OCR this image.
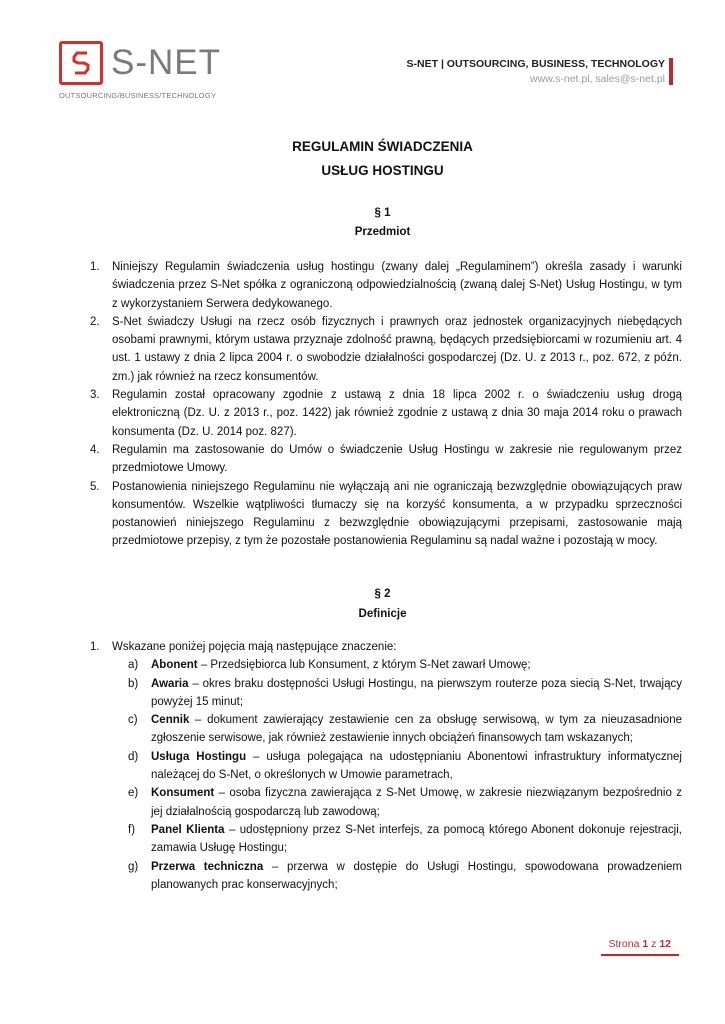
S-NET
OUTSOURCING/BUSINESS/TECHNOLOGY
S-NET | OUTSOURCING, BUSINESS, TECHNOLOGY
www.s-net.pl, sales@s-net.pl
REGULAMIN ŚWIADCZENIA
USŁUG HOSTINGU
§ 1
Przedmiot
1. Niniejszy Regulamin świadczenia usług hostingu (zwany dalej „Regulaminem”) określa zasady i warunki świadczenia przez S-Net spółka z ograniczoną odpowiedzialnością (zwaną dalej S-Net) Usług Hostingu, w tym z wykorzystaniem Serwera dedykowanego.
2. S-Net świadczy Usługi na rzecz osób fizycznych i prawnych oraz jednostek organizacyjnych niebędących osobami prawnymi, którym ustawa przyznaje zdolność prawną, będących przedsiębiorcami w rozumieniu art. 4 ust. 1 ustawy z dnia 2 lipca 2004 r. o swobodzie działalności gospodarczej (Dz. U. z 2013 r., poz. 672, z późn. zm.) jak również na rzecz konsumentów.
3. Regulamin został opracowany zgodnie z ustawą z dnia 18 lipca 2002 r. o świadczeniu usług drogą elektroniczną (Dz. U. z 2013 r., poz. 1422) jak również zgodnie z ustawą z dnia 30 maja 2014 roku o prawach konsumenta (Dz. U. 2014 poz. 827).
4. Regulamin ma zastosowanie do Umów o świadczenie Usług Hostingu w zakresie nie regulowanym przez przedmiotowe Umowy.
5. Postanowienia niniejszego Regulaminu nie wyłączają ani nie ograniczają bezwzględnie obowiązujących praw konsumentów. Wszelkie wątpliwości tłumaczy się na korzyść konsumenta, a w przypadku sprzeczności postanowień niniejszego Regulaminu z bezwzględnie obowiązującymi przepisami, zastosowanie mają przedmiotowe przepisy, z tym że pozostałe postanowienia Regulaminu są nadal ważne i pozostają w mocy.
§ 2
Definicje
1. Wskazane poniżej pojęcia mają następujące znaczenie:
a) Abonent – Przedsiębiorca lub Konsument, z którym S-Net zawarł Umowę;
b) Awaria – okres braku dostępności Usługi Hostingu, na pierwszym routerze poza siecią S-Net, trwający powyżej 15 minut;
c) Cennik – dokument zawierający zestawienie cen za obsługę serwisową, w tym za nieuzasadnione zgłoszenie serwisowe, jak również zestawienie innych obciążeń finansowych tam wskazanych;
d) Usługa Hostingu – usługa polegająca na udostępnianiu Abonentowi infrastruktury informatycznej należącej do S-Net, o określonych w Umowie parametrach,
e) Konsument – osoba fizyczna zawierająca z S-Net Umowę, w zakresie niezwiązanym bezpośrednio z jej działalnością gospodarczą lub zawodową;
f) Panel Klienta – udostępniony przez S-Net interfejs, za pomocą którego Abonent dokonuje rejestracji, zamawia Usługę Hostingu;
g) Przerwa techniczna – przerwa w dostępie do Usługi Hostingu, spowodowana prowadzeniem planowanych prac konserwacyjnych;
Strona 1 z 12
